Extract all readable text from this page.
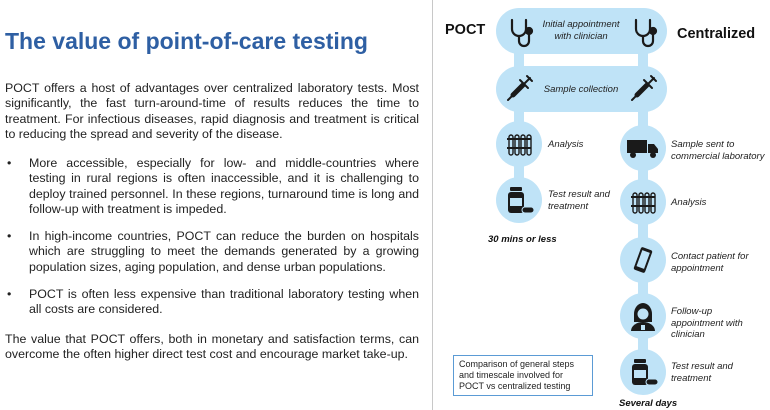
The value of point-of-care testing

POCT offers a host of advantages over centralized laboratory tests. Most significantly, the fast turn-around-time of results reduces the time to treatment. For infectious diseases, rapid diagnosis and treatment is critical to reducing the spread and severity of the disease.

• More accessible, especially for low- and middle-countries where testing in rural regions is often inaccessible, and it is challenging to deploy trained personnel. In these regions, turnaround time is long and follow-up with treatment is impeded.
• In high-income countries, POCT can reduce the burden on hospitals which are struggling to meet the demands generated by a growing population sizes, aging population, and dense urban populations.
• POCT is often less expensive than traditional laboratory testing when all costs are considered.

The value that POCT offers, both in monetary and satisfaction terms, can overcome the often higher direct test cost and encourage market take-up.

POCT	Centralized
Initial appointment with clinician
Sample collection
Analysis
Test result and treatment
30 mins or less
Sample sent to commercial laboratory
Analysis
Contact patient for appointment
Follow-up appointment with clinician
Test result and treatment
Several days
Comparison of general steps and timescale involved for POCT vs centralized testing
